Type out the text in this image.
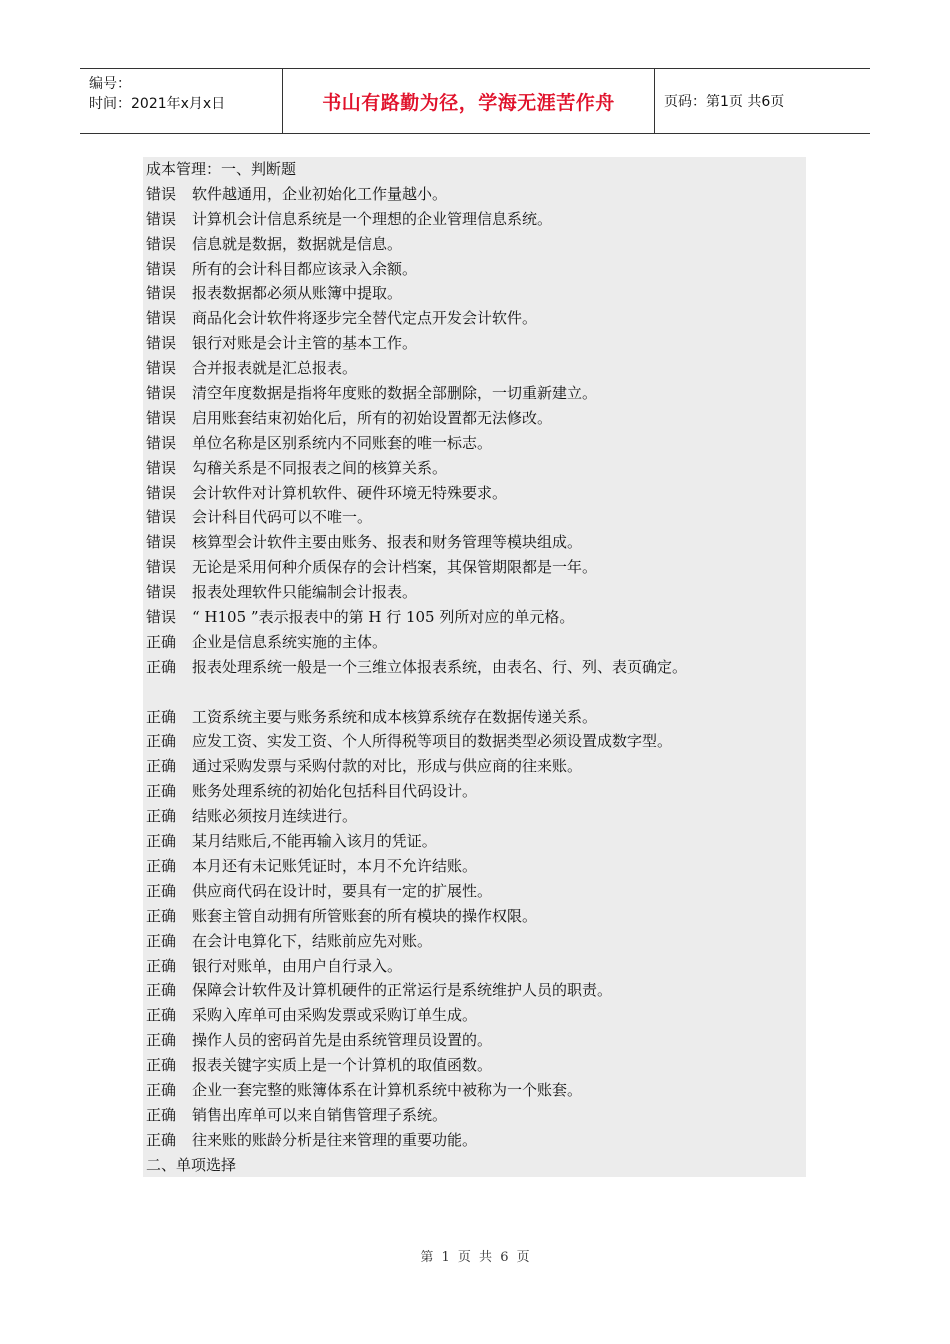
编号：
时间：2021年x月x日	书山有路勤为径，学海无涯苦作舟	页码：第1页 共6页
成本管理：一、判断题
错误 软件越通用，企业初始化工作量越小。
错误 计算机会计信息系统是一个理想的企业管理信息系统。
错误 信息就是数据，数据就是信息。
错误 所有的会计科目都应该录入余额。
错误 报表数据都必须从账簿中提取。
错误 商品化会计软件将逐步完全替代定点开发会计软件。
错误 银行对账是会计主管的基本工作。
错误 合并报表就是汇总报表。
错误 清空年度数据是指将年度账的数据全部删除，一切重新建立。
错误 启用账套结束初始化后，所有的初始设置都无法修改。
错误 单位名称是区别系统内不同账套的唯一标志。
错误 勾稽关系是不同报表之间的核算关系。
错误 会计软件对计算机软件、硬件环境无特殊要求。
错误 会计科目代码可以不唯一。
错误 核算型会计软件主要由账务、报表和财务管理等模块组成。
错误 无论是采用何种介质保存的会计档案，其保管期限都是一年。
错误 报表处理软件只能编制会计报表。
错误 “ H105 ”表示报表中的第 H 行 105 列所对应的单元格。
正确 企业是信息系统实施的主体。
正确 报表处理系统一般是一个三维立体报表系统，由表名、行、列、表页确定。
正确 工资系统主要与账务系统和成本核算系统存在数据传递关系。
正确 应发工资、实发工资、个人所得税等项目的数据类型必须设置成数字型。
正确 通过采购发票与采购付款的对比，形成与供应商的往来账。
正确 账务处理系统的初始化包括科目代码设计。
正确 结账必须按月连续进行。
正确 某月结账后,不能再输入该月的凭证。
正确 本月还有未记账凭证时，本月不允许结账。
正确 供应商代码在设计时，要具有一定的扩展性。
正确 账套主管自动拥有所管账套的所有模块的操作权限。
正确 在会计电算化下，结账前应先对账。
正确 银行对账单，由用户自行录入。
正确 保障会计软件及计算机硬件的正常运行是系统维护人员的职责。
正确 采购入库单可由采购发票或采购订单生成。
正确 操作人员的密码首先是由系统管理员设置的。
正确 报表关键字实质上是一个计算机的取值函数。
正确 企业一套完整的账簿体系在计算机系统中被称为一个账套。
正确 销售出库单可以来自销售管理子系统。
正确 往来账的账龄分析是往来管理的重要功能。
二、单项选择
第 1 页 共 6 页
